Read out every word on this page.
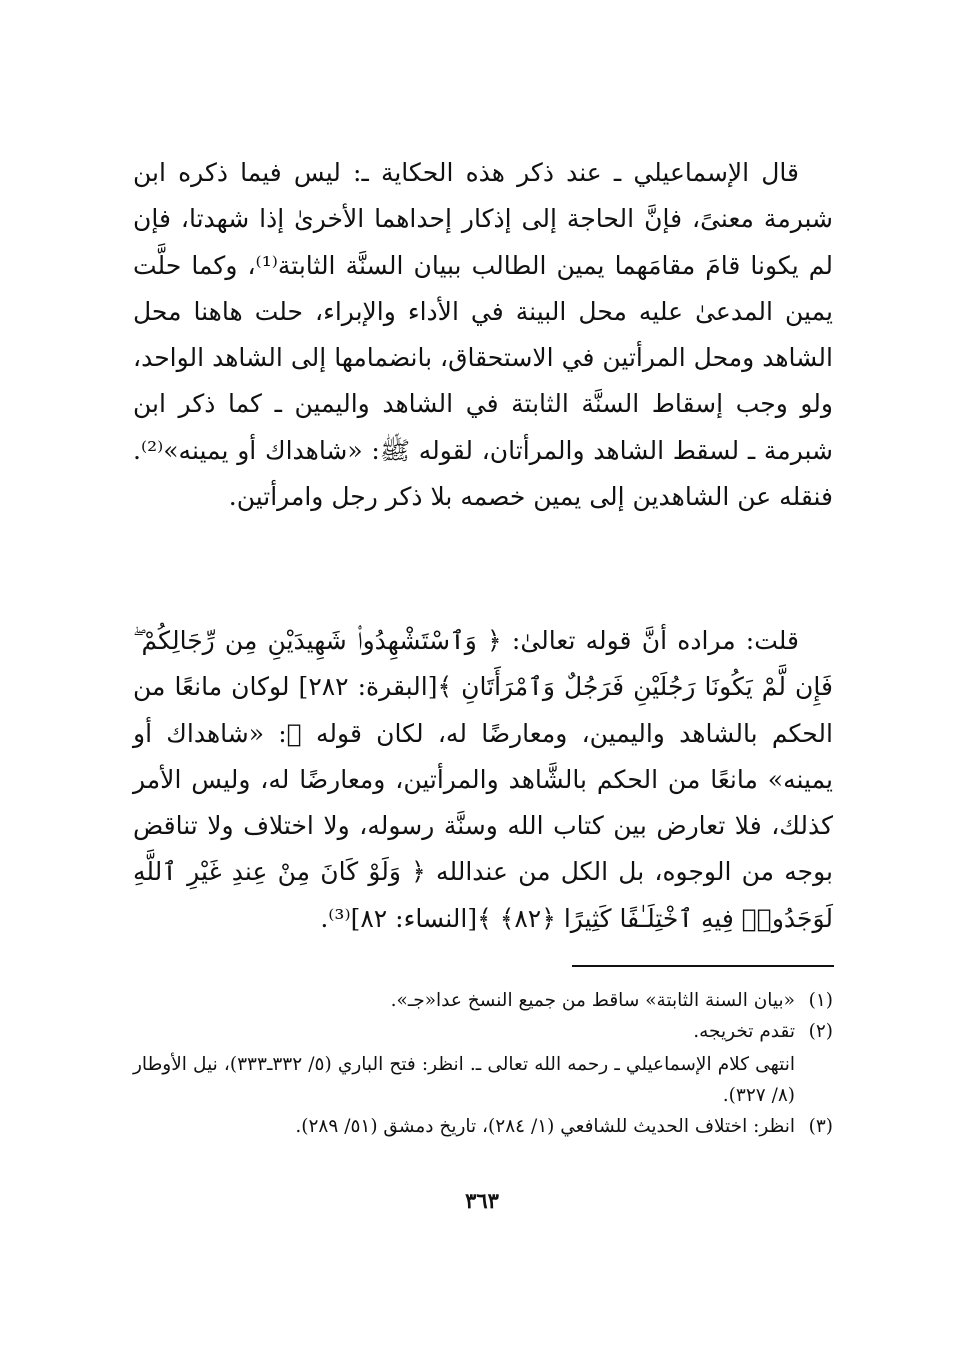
قال الإسماعيلي ـ عند ذكر هذه الحكاية ـ: ليس فيما ذكره ابن شبرمة معنىً، فإنَّ الحاجة إلى إذكار إحداهما الأخرىٰ إذا شهدتا، فإن لم يكونا قامَ مقامَهما يمين الطالب ببيان السنَّة الثابتة⁽¹⁾، وكما حلَّت يمين المدعىٰ عليه محل البينة في الأداء والإبراء، حلت هاهنا محل الشاهد ومحل المرأتين في الاستحقاق، بانضمامها إلى الشاهد الواحد، ولو وجب إسقاط السنَّة الثابتة في الشاهد واليمين ـ كما ذكر ابن شبرمة ـ لسقط الشاهد والمرأتان، لقوله ﷺ: «شاهداك أو يمينه»⁽²⁾. فنقله عن الشاهدين إلى يمين خصمه بلا ذكر رجل وامرأتين.

قلت: مراده أنَّ قوله تعالىٰ: ﴿ وَٱسْتَشْهِدُوا۟ شَهِيدَيْنِ مِن رِّجَالِكُمْ ۖ فَإِن لَّمْ يَكُونَا رَجُلَيْنِ فَرَجُلٌ وَٱمْرَأَتَانِ ﴾[البقرة: ٢٨٢] لوكان مانعًا من الحكم بالشاهد واليمين، ومعارضًا له، لكان قوله ﷺ: «شاهداك أو يمينه» مانعًا من الحكم بالشَّاهد والمرأتين، ومعارضًا له، وليس الأمر كذلك، فلا تعارض بين كتاب الله وسنَّة رسوله، ولا اختلاف ولا تناقض بوجه من الوجوه، بل الكل من عندالله ﴿ وَلَوْ كَانَ مِنْ عِندِ غَيْرِ ٱللَّهِ لَوَجَدُوا۟ فِيهِ ٱخْتِلَـٰفًا كَثِيرًا ﴿٨٢﴾ ﴾[النساء: ٨٢]⁽³⁾.

(١)
«بيان السنة الثابتة» ساقط من جميع النسخ عدا«جـ».
(٢)
تقدم تخريجه.
انتهى كلام الإسماعيلي ـ رحمه الله تعالى ـ. انظر: فتح الباري (٥/ ٣٣٢ـ٣٣٣)، نيل الأوطار (٨/ ٣٢٧).
(٣)
انظر: اختلاف الحديث للشافعي (١/ ٢٨٤)، تاريخ دمشق (٥١/ ٢٨٩).
٣٦٣
